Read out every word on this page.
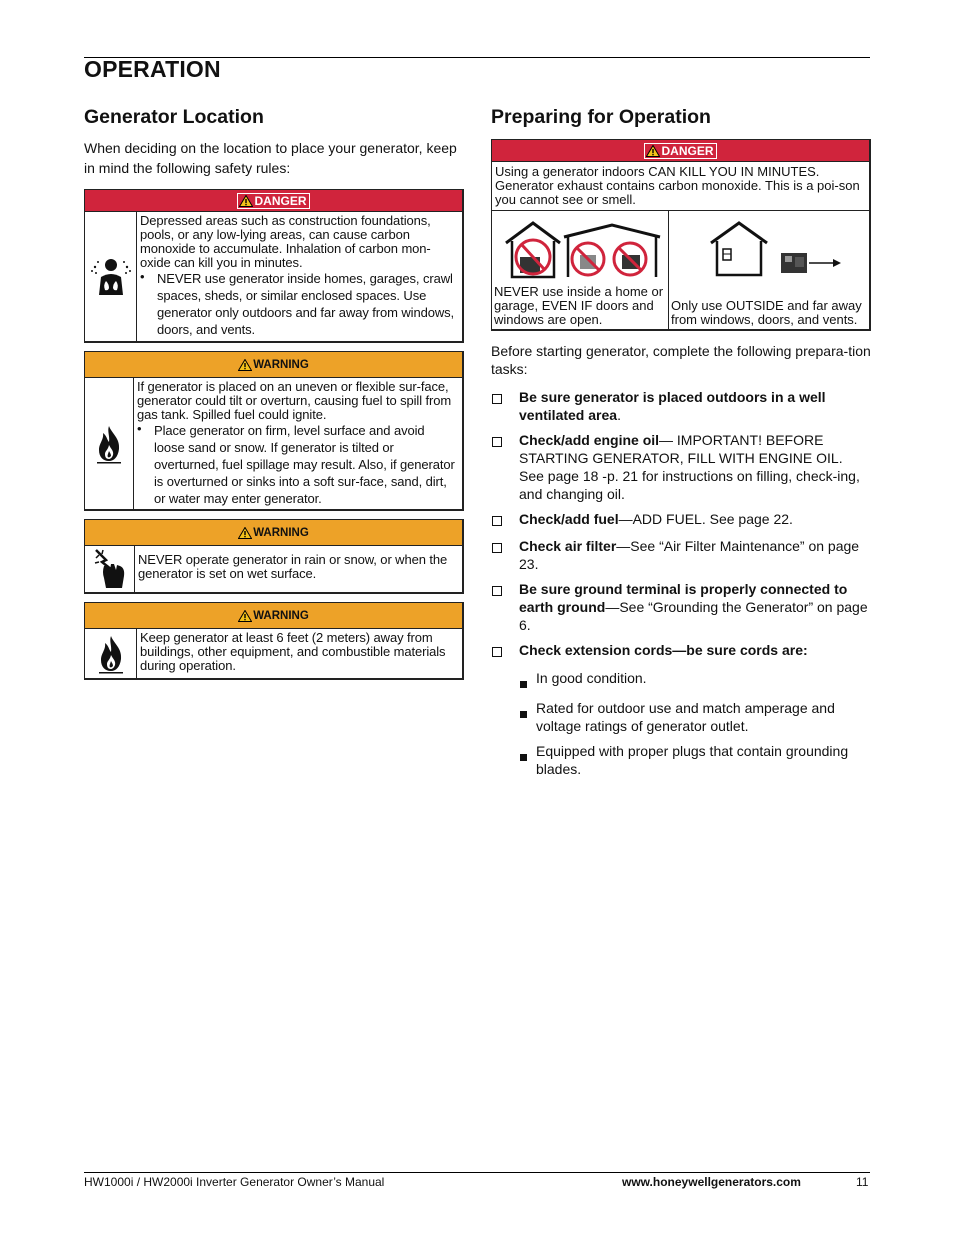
OPERATION
Generator Location

When deciding on the location to place your generator, keep in mind the following safety rules:

DANGER
Depressed areas such as construction foundations, pools, or any low-lying areas, can cause carbon monoxide to accumulate. Inhalation of carbon mon-oxide can kill you in minutes.
• NEVER use generator inside homes, garages, crawl spaces, sheds, or similar enclosed spaces. Use generator only outdoors and far away from windows, doors, and vents.
WARNING
If generator is placed on an uneven or flexible sur-face, generator could tilt or overturn, causing fuel to spill from gas tank. Spilled fuel could ignite.
• Place generator on firm, level surface and avoid loose sand or snow. If generator is tilted or overturned, fuel spillage may result. Also, if generator is overturned or sinks into a soft sur-face, sand, dirt, or water may enter generator.
WARNING
NEVER operate generator in rain or snow, or when the generator is set on wet surface.
WARNING
Keep generator at least 6 feet (2 meters) away from buildings, other equipment, and combustible materials during operation.
Preparing for Operation
DANGER
Using a generator indoors CAN KILL YOU IN MINUTES. Generator exhaust contains carbon monoxide. This is a poi-son you cannot see or smell.
NEVER use inside a home or garage, EVEN IF doors and windows are open.
Only use OUTSIDE and far away from windows, doors, and vents.

Before starting generator, complete the following prepara-tion tasks:

Be sure generator is placed outdoors in a well ventilated area.
Check/add engine oil— IMPORTANT! BEFORE STARTING GENERATOR, FILL WITH ENGINE OIL. See page 18 -p. 21 for instructions on filling, check-ing, and changing oil.
Check/add fuel—ADD FUEL. See page 22.
Check air filter—See “Air Filter Maintenance” on page 23.
Be sure ground terminal is properly connected to earth ground—See “Grounding the Generator” on page 6.
Check extension cords—be sure cords are:
In good condition.
Rated for outdoor use and match amperage and voltage ratings of generator outlet.
Equipped with proper plugs that contain grounding blades.
HW1000i / HW2000i Inverter Generator Owner’s Manual	www.honeywellgenerators.com	11
